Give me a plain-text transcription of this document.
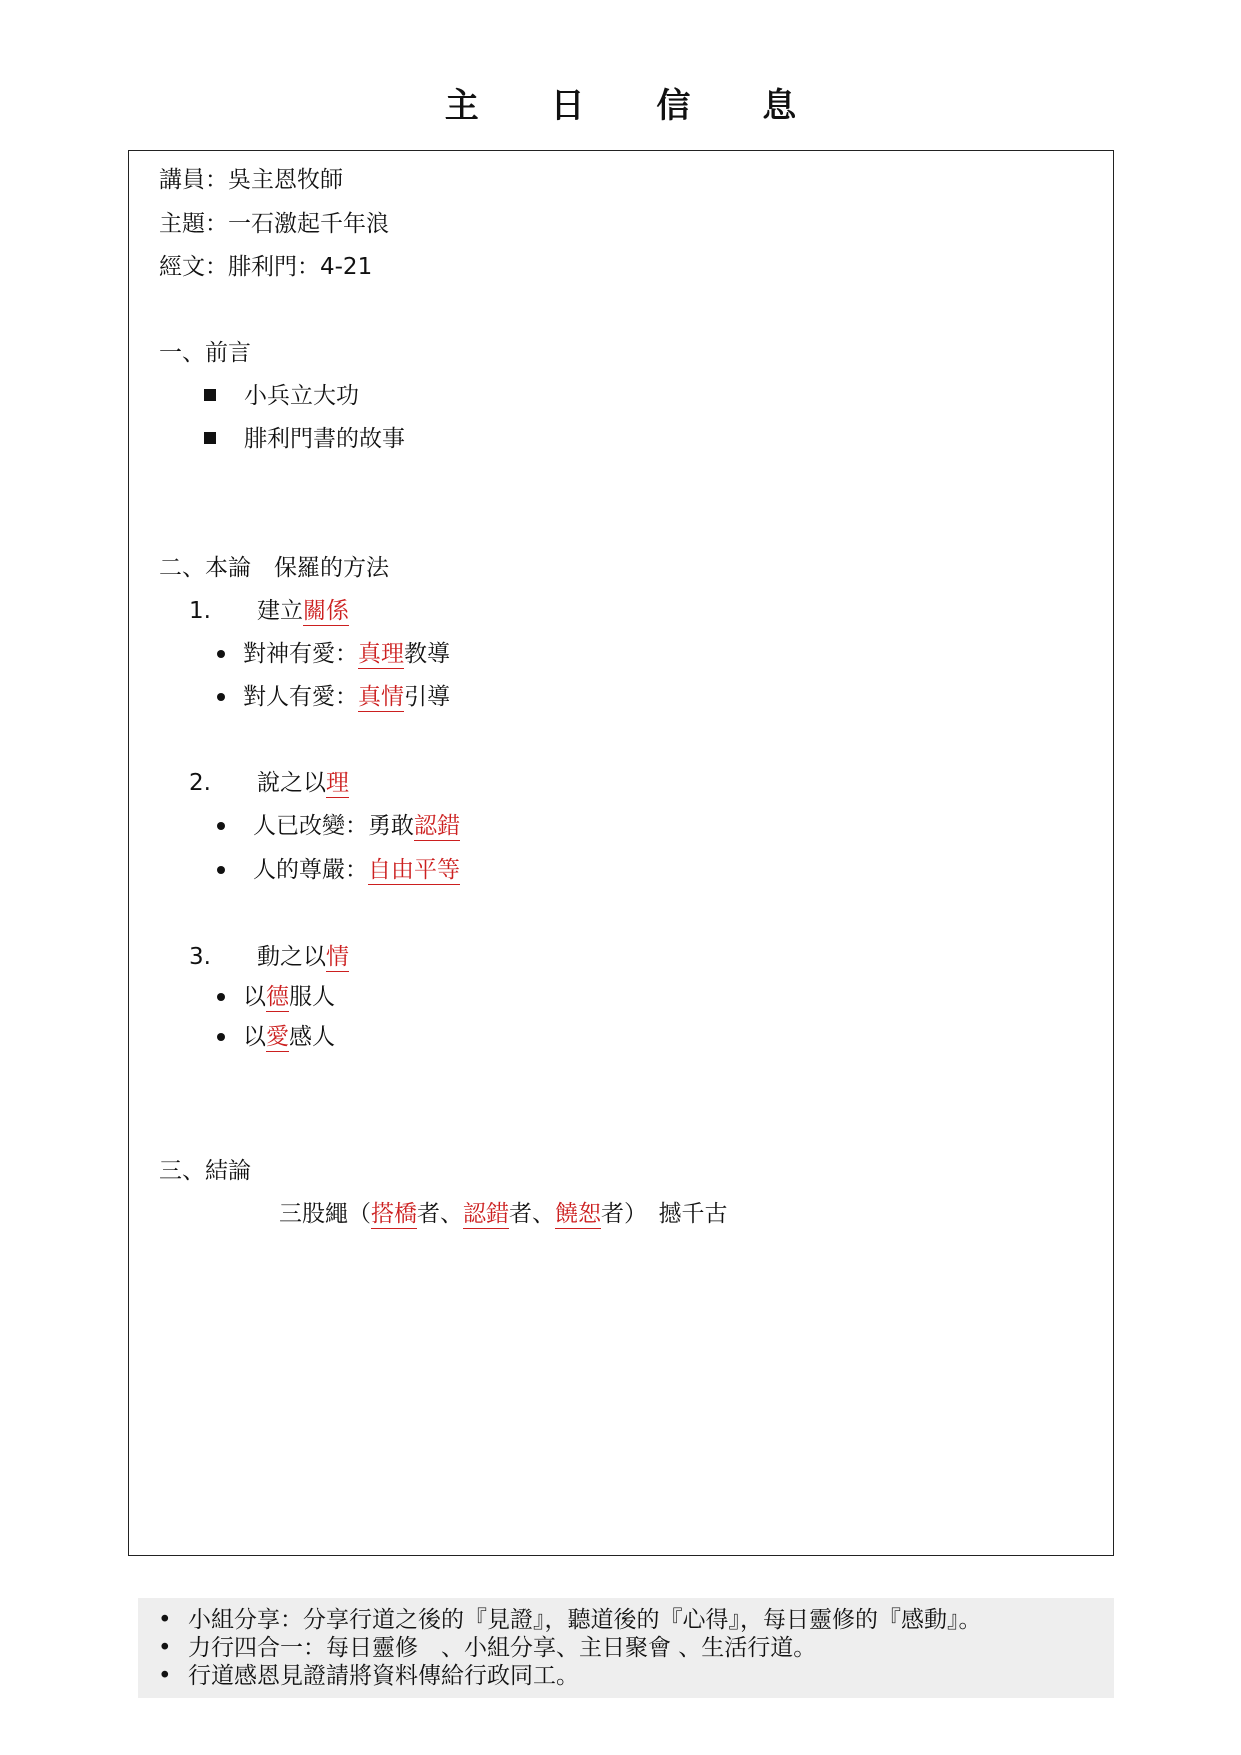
主 日 信 息
講員：吳主恩牧師
主題：一石激起千年浪
經文：腓利門：4-21
一、前言
小兵立大功
腓利門書的故事
二、本論　保羅的方法
1. 建立關係
對神有愛：真理教導
對人有愛：真情引導
2. 說之以理
人已改變：勇敢認錯
人的尊嚴：自由平等
3. 動之以情
以德服人
以愛感人
三、結論
三股繩（搭橋者、認錯者、饒恕者）　撼千古
• 小組分享：分享行道之後的『見證』，聽道後的『心得』，每日靈修的『感動』。
• 力行四合一：每日靈修　、小組分享、主日聚會 、生活行道。
• 行道感恩見證請將資料傳給行政同工。
